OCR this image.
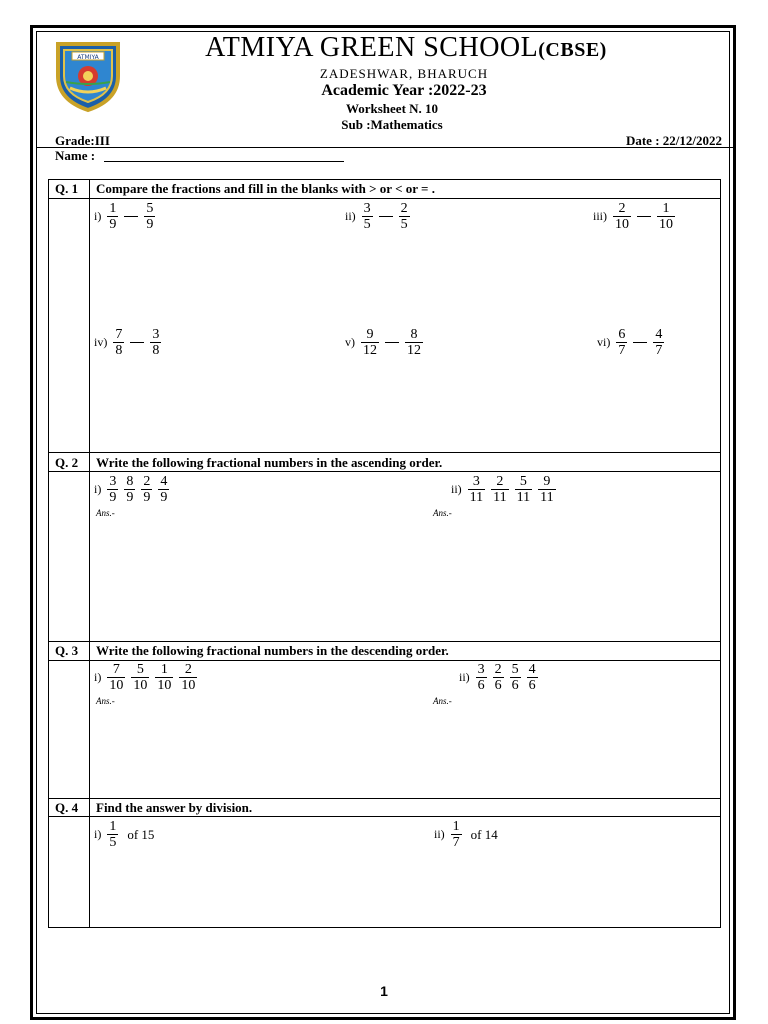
ATMIYA	ATMIYA GREEN SCHOOL(CBSE)
ZADESHWAR, BHARUCH
Academic Year :2022-23
Worksheet N. 10
Sub :Mathematics
Grade:III	Date : 22/12/2022
Name :
Q. 1 Compare the fractions and fill in the blanks with > or < or = .
$i) \frac{1}{9} \frac{5}{9}$	$ii) \frac{3}{5} \frac{2}{5}$	$iii) \frac{2}{10} \frac{1}{10}$
$iv) \frac{7}{8} \frac{3}{8}$	$v) \frac{9}{12} \frac{8}{12}$	$vi) \frac{6}{7} \frac{4}{7}$
Q. 2 Write the following fractional numbers in the ascending order.
$i) \frac{3}{9} \frac{8}{9} \frac{2}{9} \frac{4}{9}$
Ans.-
$ii) \frac{3}{11} \frac{2}{11} \frac{5}{11} \frac{9}{11}$
Ans.-
Q. 3 Write the following fractional numbers in the descending order.
$i) \frac{7}{10} \frac{5}{10} \frac{1}{10} \frac{2}{10}$
Ans.-
$ii) \frac{3}{6} \frac{2}{6} \frac{5}{6} \frac{4}{6}$
Ans.-
Q. 4 Find the answer by division.
$i) \frac{1}{5}$ of 15	$ii) \frac{1}{7}$ of 14
1
